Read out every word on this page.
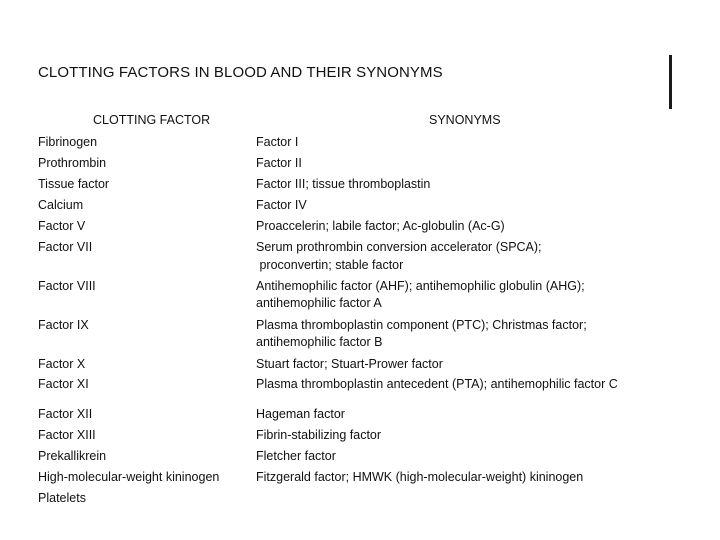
CLOTTING FACTORS IN BLOOD AND THEIR SYNONYMS
CLOTTING FACTOR	SYNONYMS
Fibrinogen
Prothrombin
Tissue factor
Calcium
Factor V
Factor VII
Factor VIII
Factor IX
Factor X
Factor XI
Factor XII
Factor XIII
Prekallikrein
High-molecular-weight kininogen
Platelets
Factor I
Factor II
Factor III; tissue thromboplastin
Factor IV
Proaccelerin; labile factor; Ac-globulin (Ac-G)
Serum prothrombin conversion accelerator (SPCA);
proconvertin; stable factor
Antihemophilic factor (AHF); antihemophilic globulin (AHG);
antihemophilic factor A
Plasma thromboplastin component (PTC); Christmas factor;
antihemophilic factor B
Stuart factor; Stuart-Prower factor
Plasma thromboplastin antecedent (PTA); antihemophilic factor C
Hageman factor
Fibrin-stabilizing factor
Fletcher factor
Fitzgerald factor; HMWK (high-molecular-weight) kininogen
